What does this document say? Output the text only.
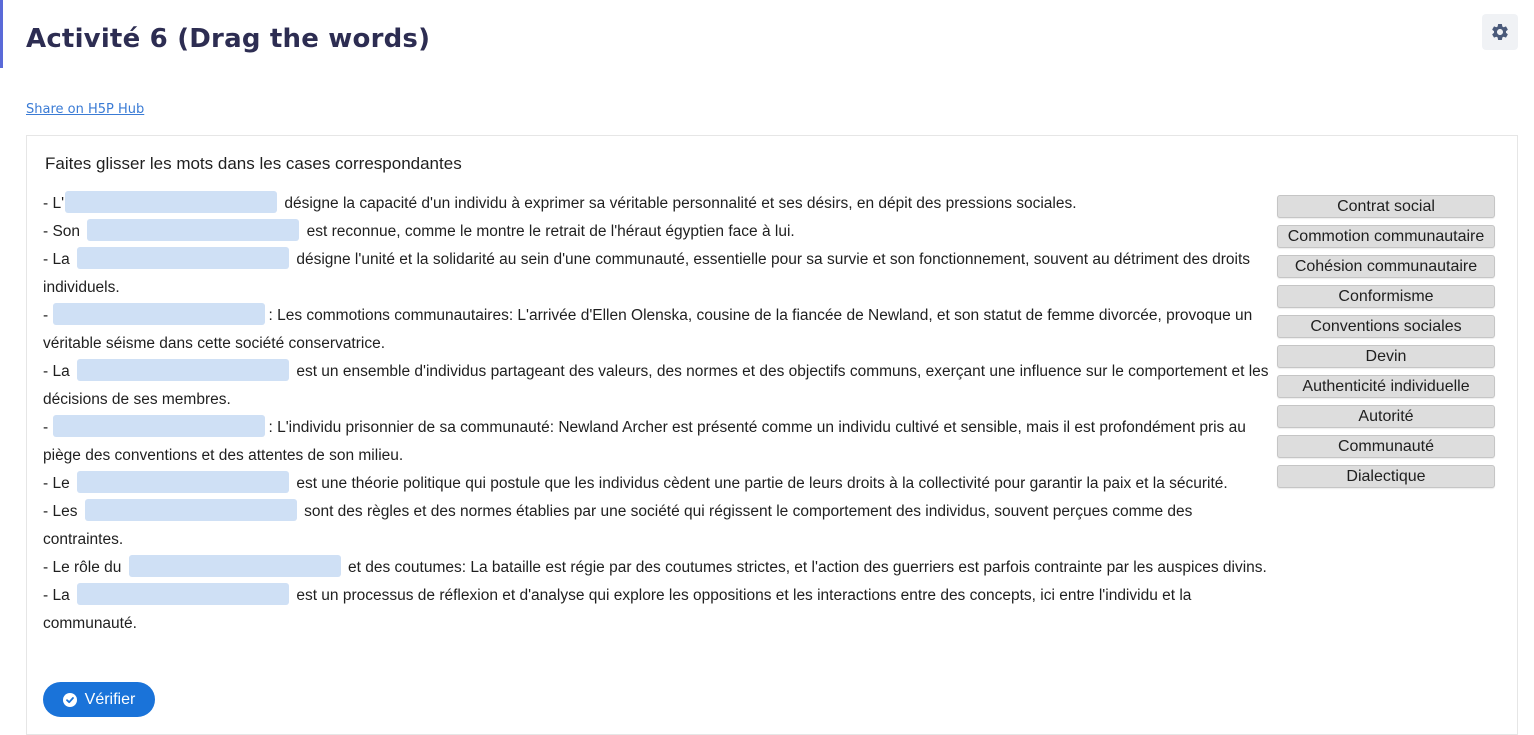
Activité 6 (Drag the words)
Share on H5P Hub
Faites glisser les mots dans les cases correspondantes

- L'	désigne la capacité d'un individu à exprimer sa véritable personnalité et ses désirs, en dépit des pressions sociales.

- Son	est reconnue, comme le montre le retrait de l'héraut égyptien face à lui.

- La	désigne l'unité et la solidarité au sein d'une communauté, essentielle pour sa survie et son fonctionnement, souvent au détriment des droits individuels.

-	: Les commotions communautaires: L'arrivée d'Ellen Olenska, cousine de la fiancée de Newland, et son statut de femme divorcée, provoque un véritable séisme dans cette société conservatrice.

- La	est un ensemble d'individus partageant des valeurs, des normes et des objectifs communs, exerçant une influence sur le comportement et les décisions de ses membres.

-	: L'individu prisonnier de sa communauté: Newland Archer est présenté comme un individu cultivé et sensible, mais il est profondément pris au piège des conventions et des attentes de son milieu.

- Le	est une théorie politique qui postule que les individus cèdent une partie de leurs droits à la collectivité pour garantir la paix et la sécurité.

- Les	sont des règles et des normes établies par une société qui régissent le comportement des individus, souvent perçues comme des contraintes.

- Le rôle du	et des coutumes: La bataille est régie par des coutumes strictes, et l'action des guerriers est parfois contrainte par les auspices divins.

- La	est un processus de réflexion et d'analyse qui explore les oppositions et les interactions entre des concepts, ici entre l'individu et la communauté.

Contrat social
Commotion communautaire
Cohésion communautaire
Conformisme
Conventions sociales
Devin
Authenticité individuelle
Autorité
Communauté
Dialectique
Vérifier
